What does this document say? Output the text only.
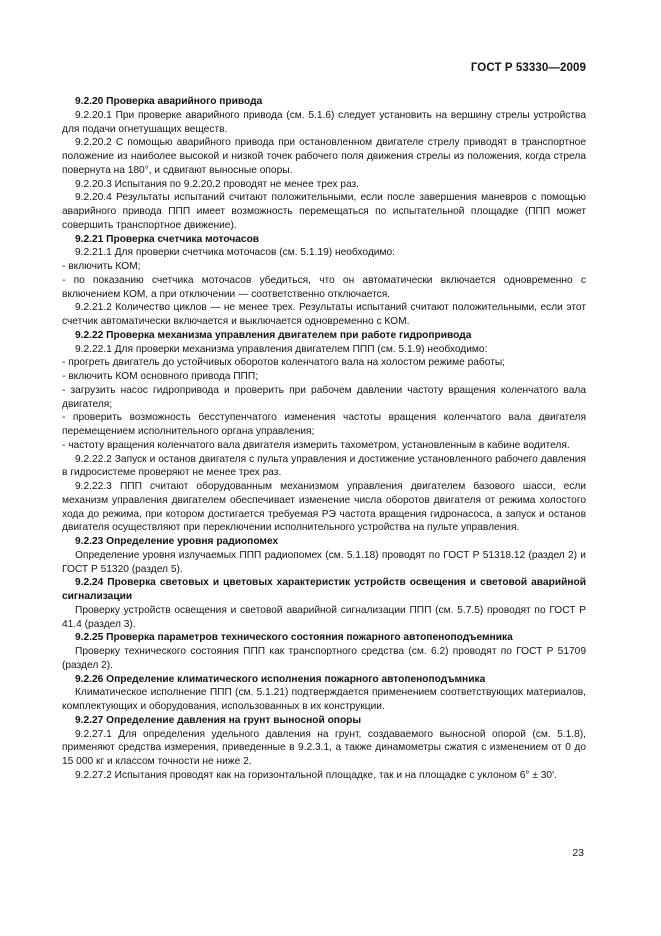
ГОСТ Р 53330—2009

9.2.20 Проверка аварийного привода

9.2.20.1 При проверке аварийного привода (см. 5.1.6) следует установить на вершину стрелы устройства для подачи огнетушащих веществ.

9.2.20.2 С помощью аварийного привода при остановленном двигателе стрелу приводят в транспортное положение из наиболее высокой и низкой точек рабочего поля движения стрелы из положения, когда стрела повернута на 180°, и сдвигают выносные опоры.

9.2.20.3 Испытания по 9.2.20.2 проводят не менее трех раз.

9.2.20.4 Результаты испытаний считают положительными, если после завершения маневров с помощью аварийного привода ППП имеет возможность перемещаться по испытательной площадке (ППП может совершить транспортное движение).

9.2.21 Проверка счетчика моточасов

9.2.21.1 Для проверки счетчика моточасов (см. 5.1.19) необходимо:

- включить КОМ;

- по показанию счетчика моточасов убедиться, что он автоматически включается одновременно с включением КОМ, а при отключении — соответственно отключается.

9.2.21.2 Количество циклов — не менее трех. Результаты испытаний считают положительными, если этот счетчик автоматически включается и выключается одновременно с КОМ.

9.2.22 Проверка механизма управления двигателем при работе гидропривода

9.2.22.1 Для проверки механизма управления двигателем ППП (см. 5.1.9) необходимо:

- прогреть двигатель до устойчивых оборотов коленчатого вала на холостом режиме работы;

- включить КОМ основного привода ППП;

- загрузить насос гидропривода и проверить при рабочем давлении частоту вращения коленчатого вала двигателя;

- проверить возможность бесступенчатого изменения частоты вращения коленчатого вала двигателя перемещением исполнительного органа управления;

- частоту вращения коленчатого вала двигателя измерить тахометром, установленным в кабине водителя.

9.2.22.2 Запуск и останов двигателя с пульта управления и достижение установленного рабочего давления в гидросистеме проверяют не менее трех раз.

9.2.22.3 ППП считают оборудованным механизмом управления двигателем базового шасси, если механизм управления двигателем обеспечивает изменение числа оборотов двигателя от режима холостого хода до режима, при котором достигается требуемая РЭ частота вращения гидронасоса, а запуск и останов двигателя осуществляют при переключении исполнительного устройства на пульте управления.

9.2.23 Определение уровня радиопомех

Определение уровня излучаемых ППП радиопомех (см. 5.1.18) проводят по ГОСТ Р 51318.12 (раздел 2) и ГОСТ Р 51320 (раздел 5).

9.2.24 Проверка световых и цветовых характеристик устройств освещения и световой аварийной сигнализации

Проверку устройств освещения и световой аварийной сигнализации ППП (см. 5.7.5) проводят по ГОСТ Р 41.4 (раздел 3).

9.2.25 Проверка параметров технического состояния пожарного автопеноподъемника

Проверку технического состояния ППП как транспортного средства (см. 6.2) проводят по ГОСТ Р 51709 (раздел 2).

9.2.26 Определение климатического исполнения пожарного автопеноподъмника

Климатическое исполнение ППП (см. 5.1.21) подтверждается применением соответствующих материалов, комплектующих и оборудования, использованных в их конструкции.

9.2.27 Определение давления на грунт выносной опоры

9.2.27.1 Для определения удельного давления на грунт, создаваемого выносной опорой (см. 5.1.8), применяют средства измерения, приведенные в 9.2.3.1, а также динамометры сжатия с изменением от 0 до 15 000 кг и классом точности не ниже 2.

9.2.27.2 Испытания проводят как на горизонтальной площадке, так и на площадке с уклоном 6° ± 30′.

23
